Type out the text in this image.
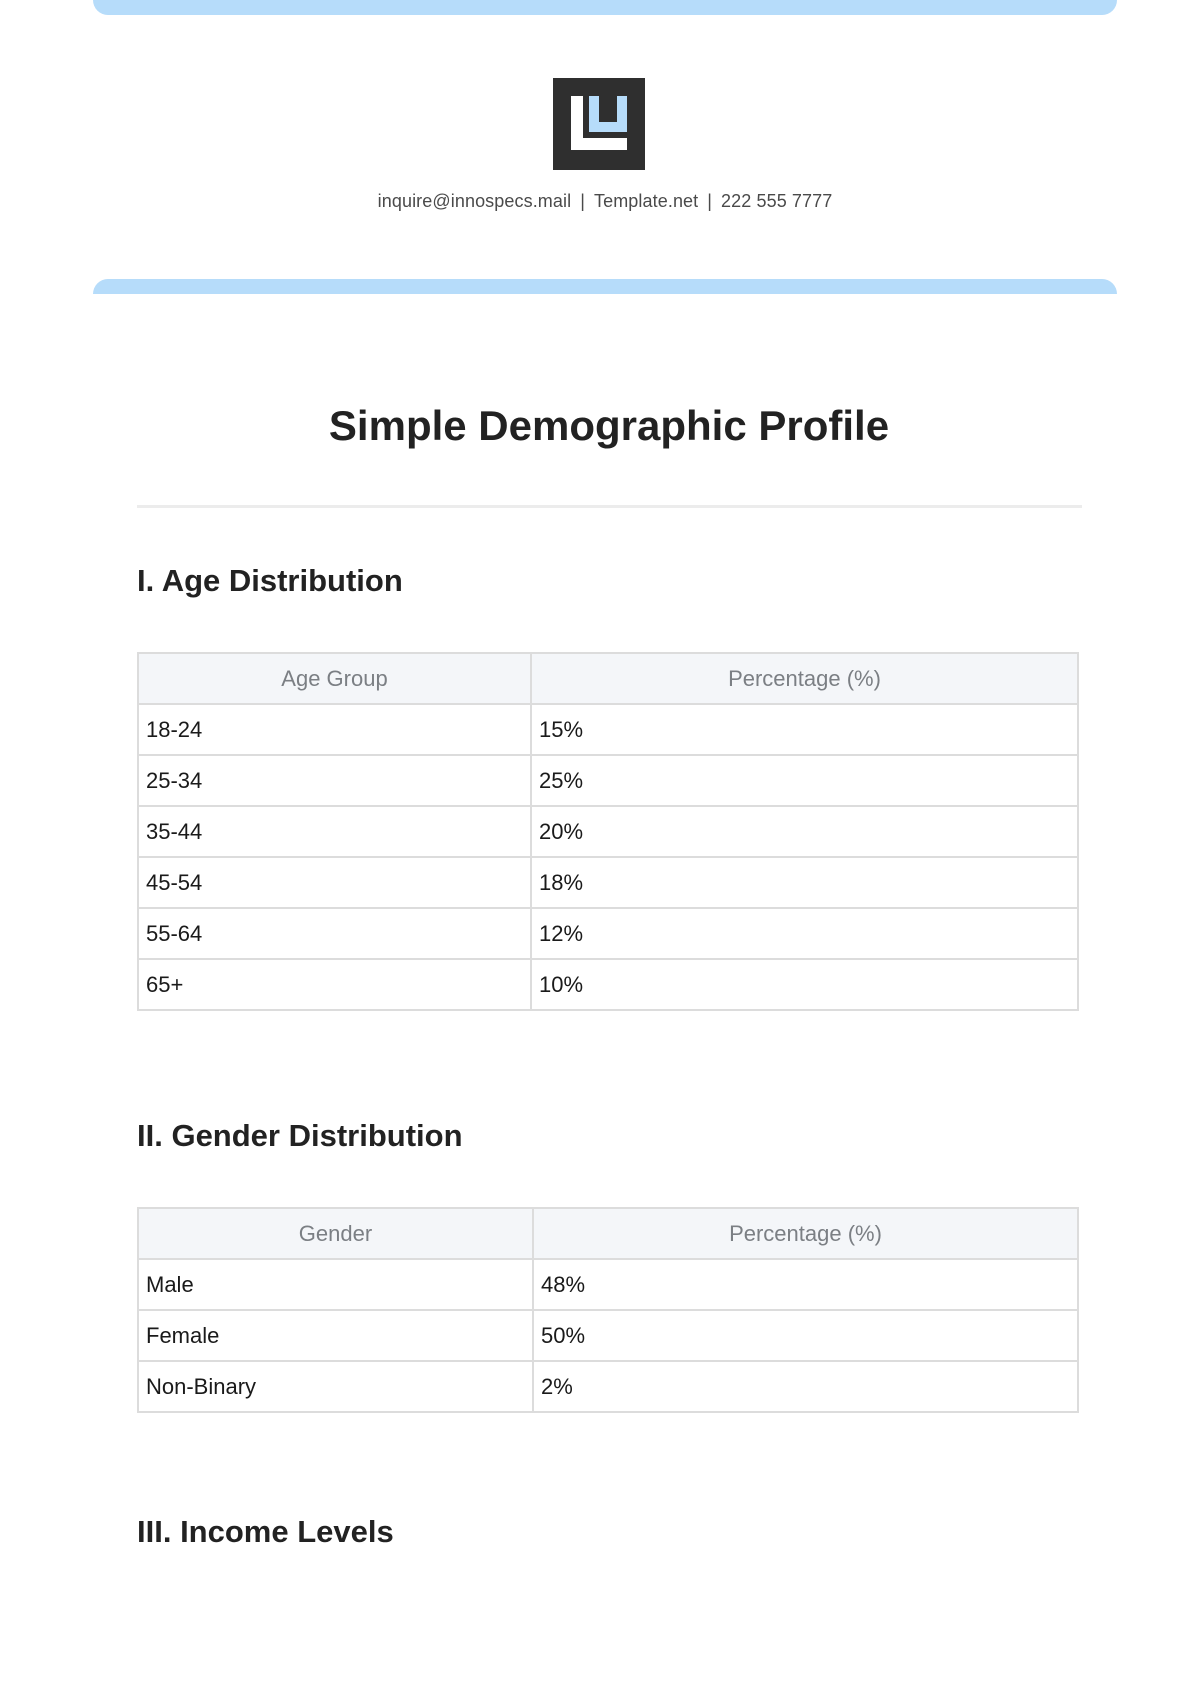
inquire@innospecs.mail | Template.net | 222 555 7777
Simple Demographic Profile
I. Age Distribution
Age Group	Percentage (%)
18-24	15%
25-34	25%
35-44	20%
45-54	18%
55-64	12%
65+	10%
II. Gender Distribution
Gender	Percentage (%)
Male	48%
Female	50%
Non-Binary	2%
III. Income Levels
